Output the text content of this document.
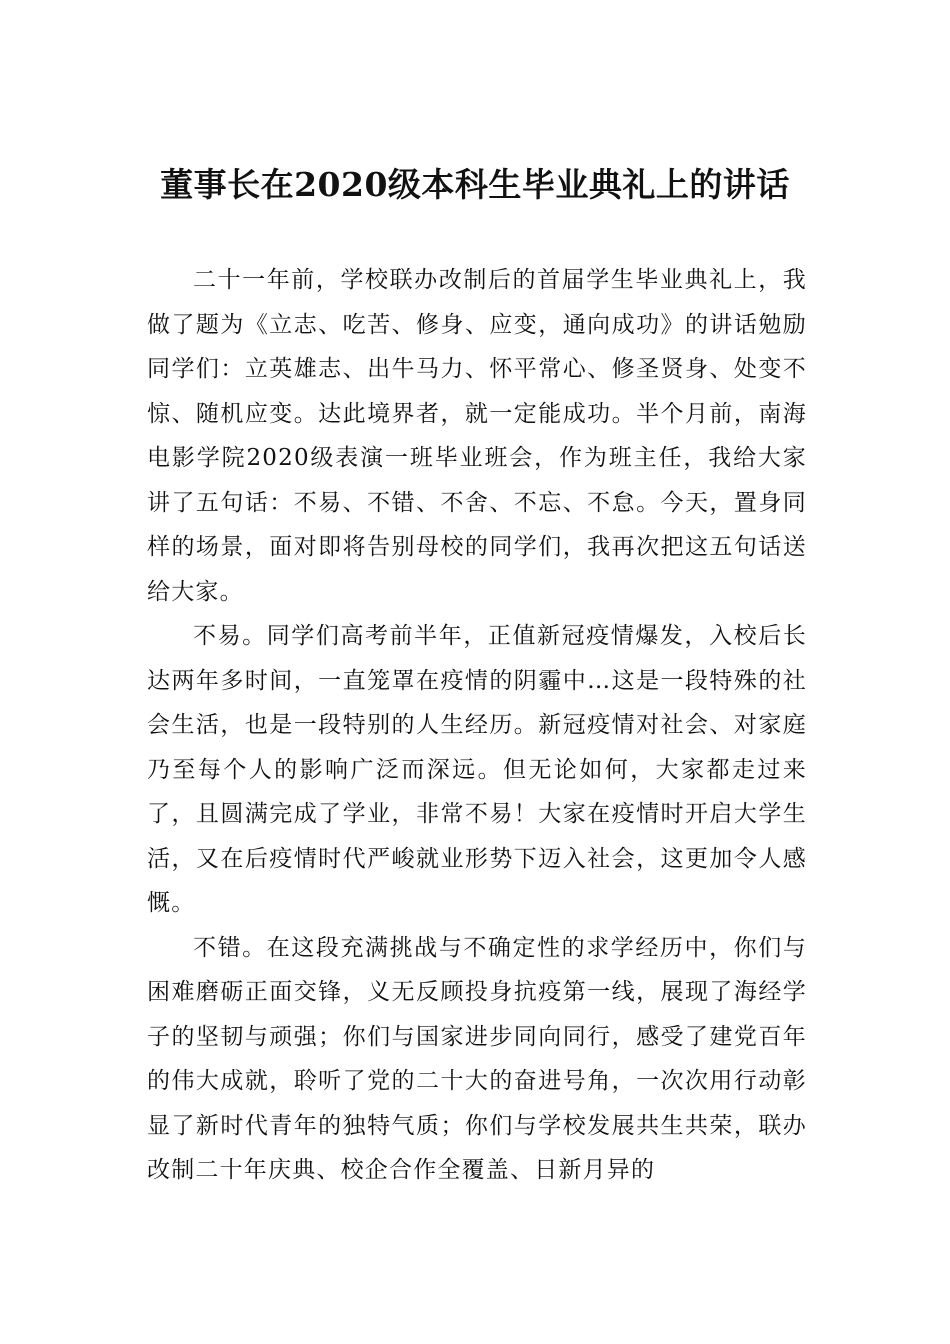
董事长在2020级本科生毕业典礼上的讲话

二十一年前，学校联办改制后的首届学生毕业典礼上，我做了题为《立志、吃苦、修身、应变，通向成功》的讲话勉励同学们：立英雄志、出牛马力、怀平常心、修圣贤身、处变不惊、随机应变。达此境界者，就一定能成功。半个月前，南海电影学院2020级表演一班毕业班会，作为班主任，我给大家讲了五句话：不易、不错、不舍、不忘、不怠。今天，置身同样的场景，面对即将告别母校的同学们，我再次把这五句话送给大家。

不易。同学们高考前半年，正值新冠疫情爆发，入校后长达两年多时间，一直笼罩在疫情的阴霾中…这是一段特殊的社会生活，也是一段特别的人生经历。新冠疫情对社会、对家庭乃至每个人的影响广泛而深远。但无论如何，大家都走过来了，且圆满完成了学业，非常不易！大家在疫情时开启大学生活，又在后疫情时代严峻就业形势下迈入社会，这更加令人感慨。

不错。在这段充满挑战与不确定性的求学经历中，你们与困难磨砺正面交锋，义无反顾投身抗疫第一线，展现了海经学子的坚韧与顽强；你们与国家进步同向同行，感受了建党百年的伟大成就，聆听了党的二十大的奋进号角，一次次用行动彰显了新时代青年的独特气质；你们与学校发展共生共荣，联办改制二十年庆典、校企合作全覆盖、日新月异的
